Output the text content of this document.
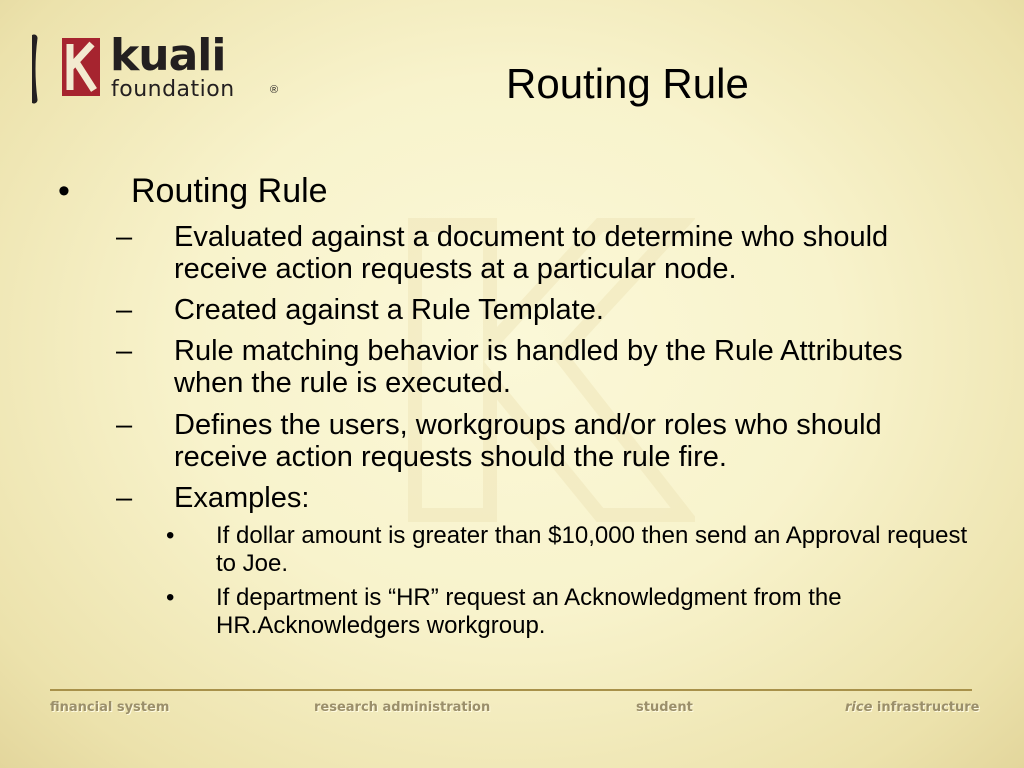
kuali
foundation	®	Routing Rule
• Routing Rule
– Evaluated against a document to determine who should receive action requests at a particular node.
– Created against a Rule Template.
– Rule matching behavior is handled by the Rule Attributes when the rule is executed.
– Defines the users, workgroups and/or roles who should receive action requests should the rule fire.
– Examples:
• If dollar amount is greater than $10,000 then send an Approval request to Joe.
• If department is “HR” request an Acknowledgment from the HR.Acknowledgers workgroup.
financial system	research administration	student	rice infrastructure
